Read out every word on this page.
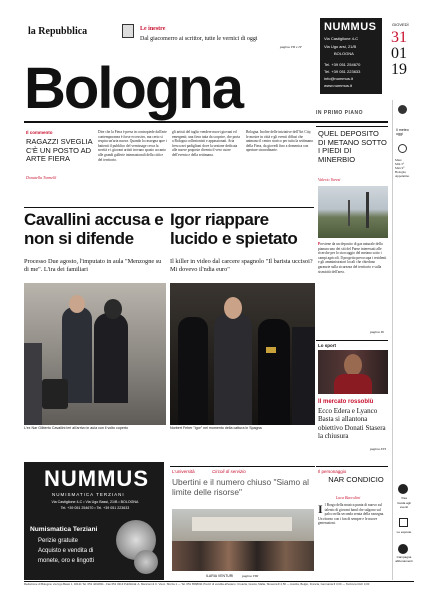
la Repubblica	Le inestre
Dal giacomerro ai scrittor, tutte le vernici di oggi
pagina VII e IV
Bologna	IN PRIMO PIANO
NUMMUS
Via Castiglione 4-C
Via Ugo arsi, 21/B
BOLOGNA
Tel. +39 051 254670
Tel. +39 051 223633
info@nummus.it
www.nummus.it
GIOVEDÌ
31
01
19
Il commento
RAGAZZI SVEGLIA C'È UN POSTO AD ARTE FIERA
Donatella Tormelli
Dire che la Fiera è presa in contropiede dall'arte contemporanea è forse eccessivo, ma certo si respira un'aria nuova. Quando la rassegna apre i battenti il pubblico del vernissage cerca la novità e i giovani artisti trovano spazio accanto alle grandi gallerie internazionali della città e del territorio.
gli artisti del taglio vendere nuovi giovani ed emergenti; una fiera tutta da scoprire, che porta a Bologna collezionisti e appassionati. Aria fresca nei padiglioni dove la sezione dedicata alle nuove proposte diventa il vero cuore dell'evento e della settimana.
Bologna. Inoltre delle iniziative dell'Art City, le mostre in città e gli eventi diffusi che animano il centro storico per tutta la settimana della Fiera, da giovedì fino a domenica con aperture straordinarie.
QUEL DEPOSITO DI METANO SOTTO I PIEDI DI MINERBIO
Valerio Varesi
Proviene da un deposito di gas naturale della pianura uno dei siti del Paese interessati alle ricerche per lo stoccaggio del metano sotto i campi agricoli. Il progetto preoccupa i residenti e gli amministratori locali che chiedono garanzie sulla sicurezza del territorio e sulla sismicità dell'area.
pagina IX
Il meteo oggi
Mare
Min 3°
Max 9°
Bologna
Appennino
Cavallini accusa e non si difende
Processo Due agosto, l'imputato in aula "Menzogne su di me". L'ira dei familiari
Igor riappare lucido e spietato
Il killer in video dal carcere spagnolo "Il barista uccisoi? Mi dovevo il'ndia euro"
L'ex Nar Gilberto Cavallini ieri all'arrivo in aula con il volto coperto	Norbert Feher "Igor" nel momento della cattura in Spagna
Lo sport
Il mercato rossoblù
Ecco Edera e Lyanco Basta si allantona obiettivo Donati Stasera la chiusura
pagina XVI
Il personaggio
NAR CONDICIO
Luca Baccolini
Il Borgo della musica punta di nuovo sul talento di giovani band che salgono sul palco nella seconda serata della rassegna. Un ritorno con i fan di sempre e le nuove generazioni.
Visa
Guida agli eventi
Le esposte
Campagna abbonamenti
NUMMUS
NUMISMATICA TERZIANI
Via Castiglione 4-C • Via Ugo Bassi, 21/B • BOLOGNA
Tel. +39 051 254670 • Tel. +39 051 223633
Numismatica Terziani
Perizie gratuite
Acquisto e vendita di
monete, oro e lingotti
L'università	Circoli di servizio
Ubertini e il numero chiuso "Siamo al limite delle risorse"
ILARIA VENTURI	pagina VIII
Redazione di Bologna: via Ugo Bassi 1, 40121 Tel. 051 4210811 - Fax 051 3213 Pubblicità: A. Manzoni & C. Via A. Sforza 1 — Tel. 051 6568011 Prezzi di vendita all'estero: Croazia, Grecia, Malta, Slovenia € 2,50 — Austria, Belgio, Francia, Germania € 3,00 — Svizzera CHF 3,00
